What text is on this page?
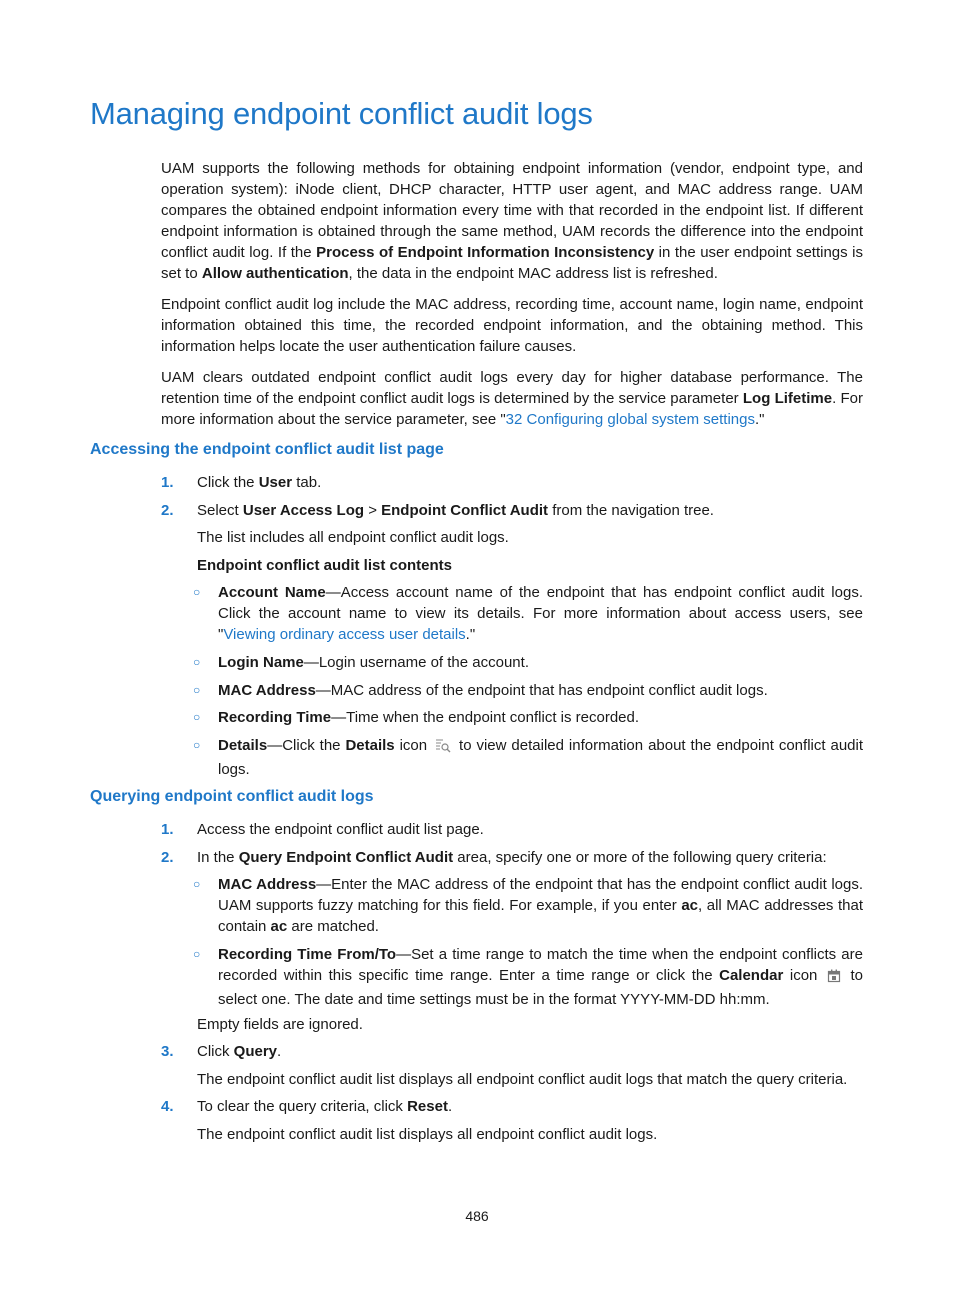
Managing endpoint conflict audit logs

UAM supports the following methods for obtaining endpoint information (vendor, endpoint type, and operation system): iNode client, DHCP character, HTTP user agent, and MAC address range. UAM compares the obtained endpoint information every time with that recorded in the endpoint list. If different endpoint information is obtained through the same method, UAM records the difference into the endpoint conflict audit log. If the Process of Endpoint Information Inconsistency in the user endpoint settings is set to Allow authentication, the data in the endpoint MAC address list is refreshed.

Endpoint conflict audit log include the MAC address, recording time, account name, login name, endpoint information obtained this time, the recorded endpoint information, and the obtaining method. This information helps locate the user authentication failure causes.

UAM clears outdated endpoint conflict audit logs every day for higher database performance. The retention time of the endpoint conflict audit logs is determined by the service parameter Log Lifetime. For more information about the service parameter, see "32 Configuring global system settings."

Accessing the endpoint conflict audit list page
1. Click the User tab.
2. Select User Access Log > Endpoint Conflict Audit from the navigation tree.
The list includes all endpoint conflict audit logs.
Endpoint conflict audit list contents
○ Account Name—Access account name of the endpoint that has endpoint conflict audit logs. Click the account name to view its details. For more information about access users, see "Viewing ordinary access user details."
○ Login Name—Login username of the account.
○ MAC Address—MAC address of the endpoint that has endpoint conflict audit logs.
○ Recording Time—Time when the endpoint conflict is recorded.
○ Details—Click the Details icon  to view detailed information about the endpoint conflict audit logs.
Querying endpoint conflict audit logs
1. Access the endpoint conflict audit list page.
2. In the Query Endpoint Conflict Audit area, specify one or more of the following query criteria:
○ MAC Address—Enter the MAC address of the endpoint that has the endpoint conflict audit logs. UAM supports fuzzy matching for this field. For example, if you enter ac, all MAC addresses that contain ac are matched.
○ Recording Time From/To—Set a time range to match the time when the endpoint conflicts are recorded within this specific time range. Enter a time range or click the Calendar icon  to select one. The date and time settings must be in the format YYYY-MM-DD hh:mm.
Empty fields are ignored.
3. Click Query.
The endpoint conflict audit list displays all endpoint conflict audit logs that match the query criteria.
4. To clear the query criteria, click Reset.
The endpoint conflict audit list displays all endpoint conflict audit logs.
486
